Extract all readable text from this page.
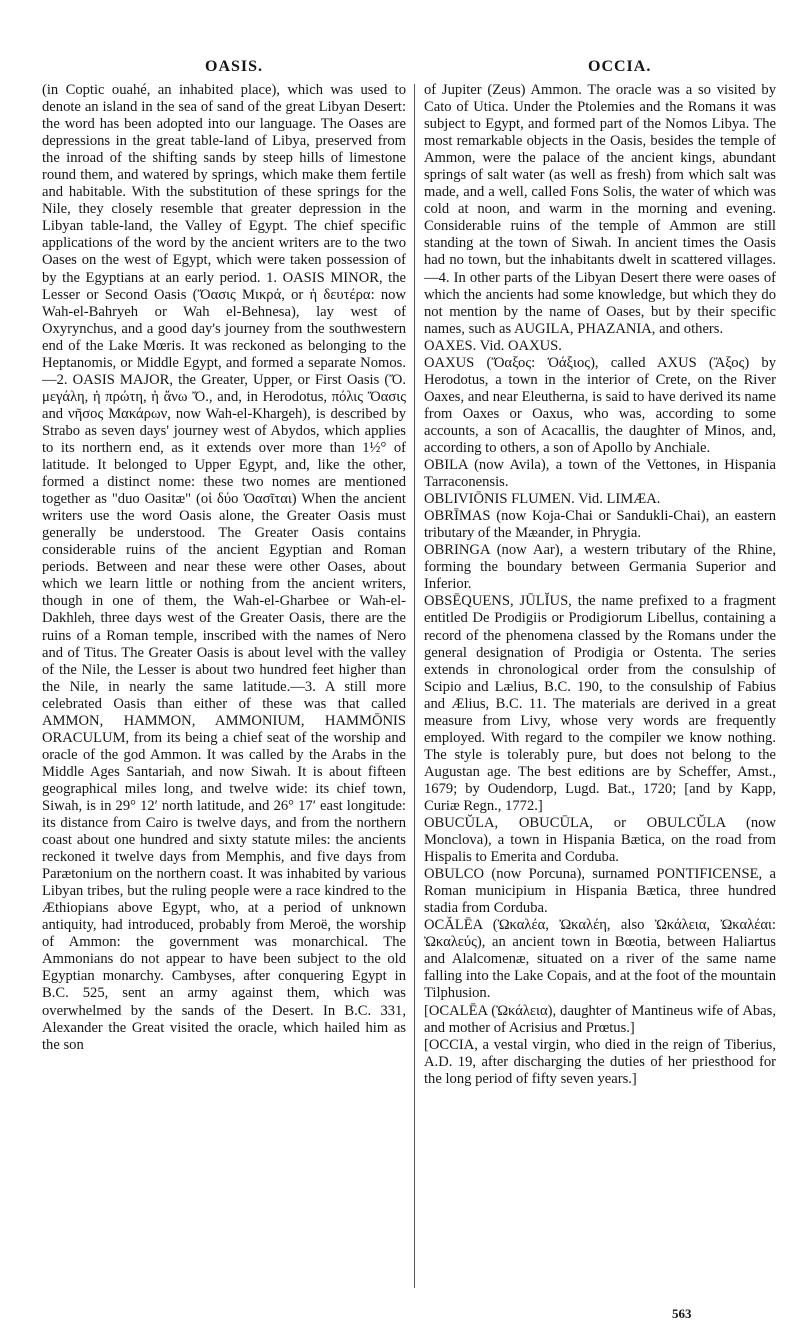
OASIS.	OCCIA.

(in Coptic ouahé, an inhabited place), which was used to denote an island in the sea of sand of the great Libyan Desert: the word has been adopted into our language. The Oases are depressions in the great table-land of Libya, preserved from the inroad of the shifting sands by steep hills of limestone round them, and watered by springs, which make them fertile and habitable. With the substitution of these springs for the Nile, they closely resemble that greater depression in the Libyan table-land, the Valley of Egypt. The chief specific applications of the word by the ancient writers are to the two Oases on the west of Egypt, which were taken possession of by the Egyptians at an early period. 1. OASIS MINOR, the Lesser or Second Oasis (Ὄασις Μικρά, or ἡ δευτέρα: now Wah-el-Bahryeh or Wah el-Behnesa), lay west of Oxyrynchus, and a good day's journey from the southwestern end of the Lake Mœris. It was reckoned as belonging to the Heptanomis, or Middle Egypt, and formed a separate Nomos.—2. OASIS MAJOR, the Greater, Upper, or First Oasis (Ὄ. μεγάλη, ἡ πρώτη, ἡ ἄνω Ὄ., and, in Herodotus, πόλις Ὄασις and νῆσος Μακάρων, now Wah-el-Khargeh), is described by Strabo as seven days' journey west of Abydos, which applies to its northern end, as it extends over more than 1½° of latitude. It belonged to Upper Egypt, and, like the other, formed a distinct nome: these two nomes are mentioned together as "duo Oasitæ" (οἱ δύο Ὀασῖται) When the ancient writers use the word Oasis alone, the Greater Oasis must generally be understood. The Greater Oasis contains considerable ruins of the ancient Egyptian and Roman periods. Between and near these were other Oases, about which we learn little or nothing from the ancient writers, though in one of them, the Wah-el-Gharbee or Wah-el-Dakhleh, three days west of the Greater Oasis, there are the ruins of a Roman temple, inscribed with the names of Nero and of Titus. The Greater Oasis is about level with the valley of the Nile, the Lesser is about two hundred feet higher than the Nile, in nearly the same latitude.—3. A still more celebrated Oasis than either of these was that called AMMON, HAMMON, AMMONIUM, HAMMŌNIS ORACULUM, from its being a chief seat of the worship and oracle of the god Ammon. It was called by the Arabs in the Middle Ages Santariah, and now Siwah. It is about fifteen geographical miles long, and twelve wide: its chief town, Siwah, is in 29° 12′ north latitude, and 26° 17′ east longitude: its distance from Cairo is twelve days, and from the northern coast about one hundred and sixty statute miles: the ancients reckoned it twelve days from Memphis, and five days from Parætonium on the northern coast. It was inhabited by various Libyan tribes, but the ruling people were a race kindred to the Æthiopians above Egypt, who, at a period of unknown antiquity, had introduced, probably from Meroë, the worship of Ammon: the government was monarchical. The Ammonians do not appear to have been subject to the old Egyptian monarchy. Cambyses, after conquering Egypt in B.C. 525, sent an army against them, which was overwhelmed by the sands of the Desert. In B.C. 331, Alexander the Great visited the oracle, which hailed him as the son

of Jupiter (Zeus) Ammon. The oracle was a so visited by Cato of Utica. Under the Ptolemies and the Romans it was subject to Egypt, and formed part of the Nomos Libya. The most remarkable objects in the Oasis, besides the temple of Ammon, were the palace of the ancient kings, abundant springs of salt water (as well as fresh) from which salt was made, and a well, called Fons Solis, the water of which was cold at noon, and warm in the morning and evening. Considerable ruins of the temple of Ammon are still standing at the town of Siwah. In ancient times the Oasis had no town, but the inhabitants dwelt in scattered villages.—4. In other parts of the Libyan Desert there were oases of which the ancients had some knowledge, but which they do not mention by the name of Oases, but by their specific names, such as AUGILA, PHAZANIA, and others.

OAXES. Vid. OAXUS.

OAXUS (Ὄαξος: Ὀάξιος), called AXUS (Ἄξος) by Herodotus, a town in the interior of Crete, on the River Oaxes, and near Eleutherna, is said to have derived its name from Oaxes or Oaxus, who was, according to some accounts, a son of Acacallis, the daughter of Minos, and, according to others, a son of Apollo by Anchiale.

OBILA (now Avila), a town of the Vettones, in Hispania Tarraconensis.

OBLIVIŌNIS FLUMEN. Vid. LIMÆA.

OBRĪMAS (now Koja-Chai or Sandukli-Chai), an eastern tributary of the Mæander, in Phrygia.

OBRINGA (now Aar), a western tributary of the Rhine, forming the boundary between Germania Superior and Inferior.

OBSĒQUENS, JŪLĬUS, the name prefixed to a fragment entitled De Prodigiis or Prodigiorum Libellus, containing a record of the phenomena classed by the Romans under the general designation of Prodigia or Ostenta. The series extends in chronological order from the consulship of Scipio and Lælius, B.C. 190, to the consulship of Fabius and Ælius, B.C. 11. The materials are derived in a great measure from Livy, whose very words are frequently employed. With regard to the compiler we know nothing. The style is tolerably pure, but does not belong to the Augustan age. The best editions are by Scheffer, Amst., 1679; by Oudendorp, Lugd. Bat., 1720; [and by Kapp, Curiæ Regn., 1772.]

OBUCŬLA, OBUCŪLA, or OBULCŬLA (now Monclova), a town in Hispania Bætica, on the road from Hispalis to Emerita and Corduba.

OBULCO (now Porcuna), surnamed PONTIFICENSE, a Roman municipium in Hispania Bætica, three hundred stadia from Corduba.

OCĂLĒA (Ὠκαλέα, Ὠκαλέη, also Ὠκάλεια, Ὠκαλέαι: Ὠκαλεύς), an ancient town in Bœotia, between Haliartus and Alalcomenæ, situated on a river of the same name falling into the Lake Copais, and at the foot of the mountain Tilphusion.

[OCALĒA (Ὠκάλεια), daughter of Mantineus wife of Abas, and mother of Acrisius and Prœtus.]

[OCCIA, a vestal virgin, who died in the reign of Tiberius, A.D. 19, after discharging the duties of her priesthood for the long period of fifty seven years.]

563
